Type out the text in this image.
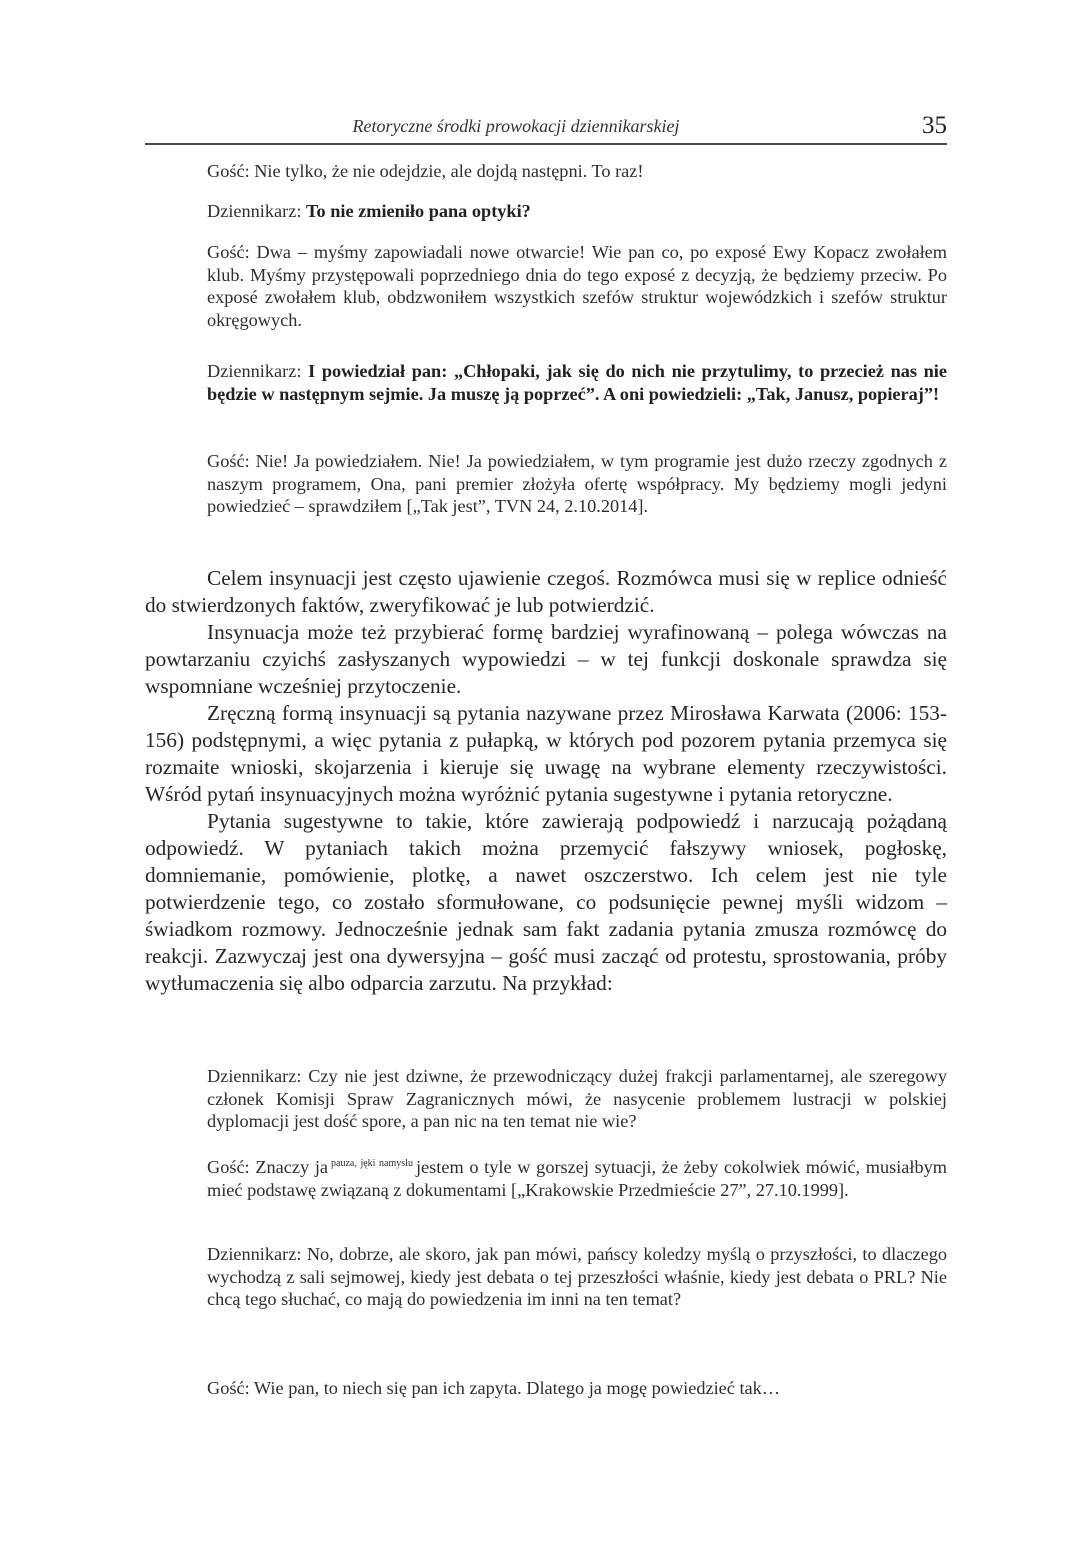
Retoryczne środki prowokacji dziennikarskiej	35
Gość: Nie tylko, że nie odejdzie, ale dojdą następni. To raz!
Dziennikarz: To nie zmieniło pana optyki?
Gość: Dwa – myśmy zapowiadali nowe otwarcie! Wie pan co, po exposé Ewy Kopacz zwołałem klub. Myśmy przystępowali poprzedniego dnia do tego exposé z decyzją, że będziemy przeciw. Po exposé zwołałem klub, obdzwoniłem wszystkich szefów struktur wojewódzkich i szefów struktur okręgowych.
Dziennikarz: I powiedział pan: „Chłopaki, jak się do nich nie przytulimy, to przecież nas nie będzie w następnym sejmie. Ja muszę ją poprzeć”. A oni powiedzieli: „Tak, Janusz, popieraj”!
Gość: Nie! Ja powiedziałem. Nie! Ja powiedziałem, w tym programie jest dużo rzeczy zgodnych z naszym programem, Ona, pani premier złożyła ofertę współpracy. My będziemy mogli jedyni powiedzieć – sprawdziłem [„Tak jest”, TVN 24, 2.10.2014].

Celem insynuacji jest często ujawienie czegoś. Rozmówca musi się w replice odnieść do stwierdzonych faktów, zweryfikować je lub potwierdzić.

Insynuacja może też przybierać formę bardziej wyrafinowaną – polega wówczas na powtarzaniu czyichś zasłyszanych wypowiedzi – w tej funkcji doskonale sprawdza się wspomniane wcześniej przytoczenie.

Zręczną formą insynuacji są pytania nazywane przez Mirosława Karwata (2006: 153-156) podstępnymi, a więc pytania z pułapką, w których pod pozorem pytania przemyca się rozmaite wnioski, skojarzenia i kieruje się uwagę na wybrane elementy rzeczywistości. Wśród pytań insynuacyjnych można wyróżnić pytania sugestywne i pytania retoryczne.

Pytania sugestywne to takie, które zawierają podpowiedź i narzucają pożądaną odpowiedź. W pytaniach takich można przemycić fałszywy wniosek, pogłoskę, domniemanie, pomówienie, plotkę, a nawet oszczerstwo. Ich celem jest nie tyle potwierdzenie tego, co zostało sformułowane, co podsunięcie pewnej myśli widzom – świadkom rozmowy. Jednocześnie jednak sam fakt zadania pytania zmusza rozmówcę do reakcji. Zazwyczaj jest ona dywersyjna – gość musi zacząć od protestu, sprostowania, próby wytłumaczenia się albo odparcia zarzutu. Na przykład:

Dziennikarz: Czy nie jest dziwne, że przewodniczący dużej frakcji parlamentarnej, ale szeregowy członek Komisji Spraw Zagranicznych mówi, że nasycenie problemem lustracji w polskiej dyplomacji jest dość spore, a pan nic na ten temat nie wie?
Gość: Znaczy ja $^{pauza, jęki namysłu}$ jestem o tyle w gorszej sytuacji, że żeby cokolwiek mówić, musiałbym mieć podstawę związaną z dokumentami [„Krakowskie Przedmieście 27”, 27.10.1999].
Dziennikarz: No, dobrze, ale skoro, jak pan mówi, pańscy koledzy myślą o przyszłości, to dlaczego wychodzą z sali sejmowej, kiedy jest debata o tej przeszłości właśnie, kiedy jest debata o PRL? Nie chcą tego słuchać, co mają do powiedzenia im inni na ten temat?
Gość: Wie pan, to niech się pan ich zapyta. Dlatego ja mogę powiedzieć tak…
